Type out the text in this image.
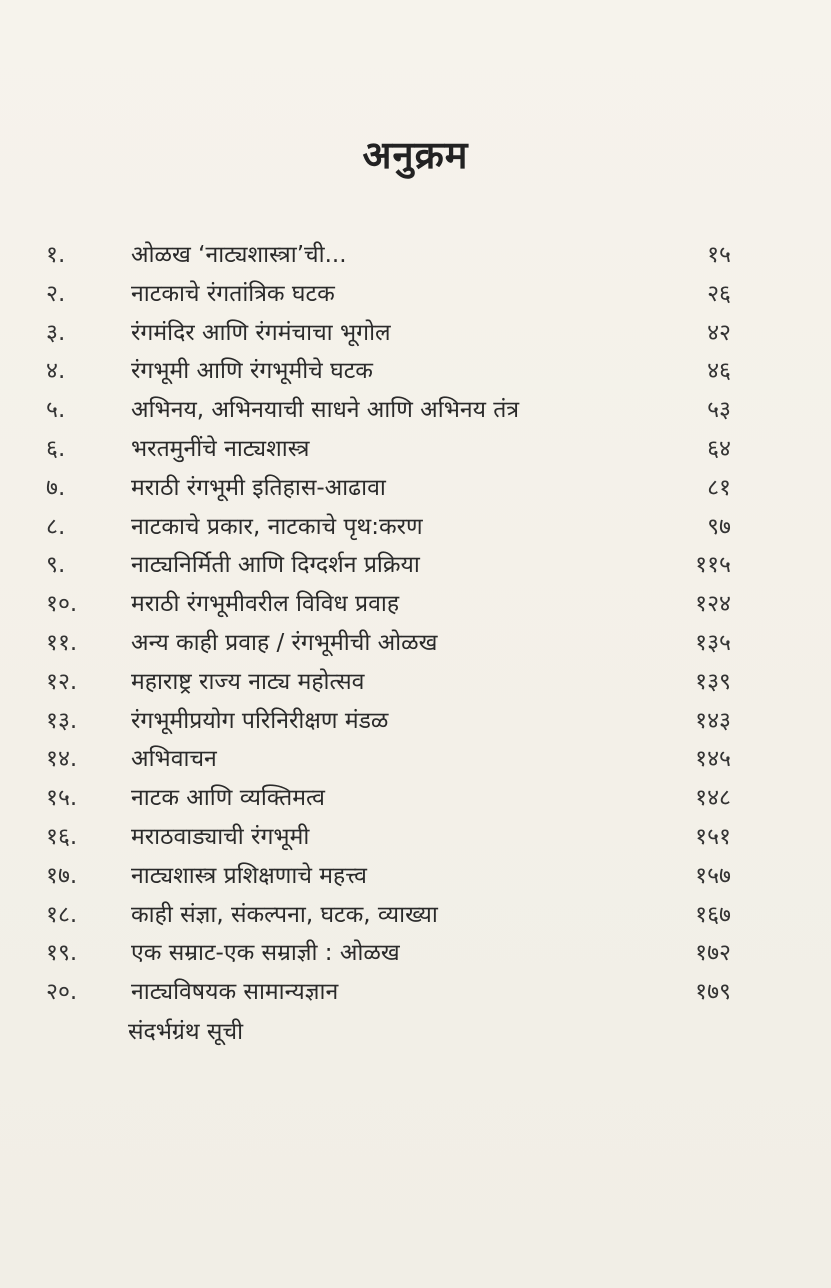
अनुक्रम
१.	ओळख ‘नाट्यशास्त्रा’ची...	१५
२.	नाटकाचे रंगतांत्रिक घटक	२६
३.	रंगमंदिर आणि रंगमंचाचा भूगोल	४२
४.	रंगभूमी आणि रंगभूमीचे घटक	४६
५.	अभिनय, अभिनयाची साधने आणि अभिनय तंत्र	५३
६.	भरतमुनींचे नाट्यशास्त्र	६४
७.	मराठी रंगभूमी इतिहास-आढावा	८१
८.	नाटकाचे प्रकार, नाटकाचे पृथ:करण	९७
९.	नाट्यनिर्मिती आणि दिग्दर्शन प्रक्रिया	११५
१०.	मराठी रंगभूमीवरील विविध प्रवाह	१२४
११.	अन्य काही प्रवाह / रंगभूमीची ओळख	१३५
१२.	महाराष्ट्र राज्य नाट्य महोत्सव	१३९
१३.	रंगभूमीप्रयोग परिनिरीक्षण मंडळ	१४३
१४.	अभिवाचन	१४५
१५.	नाटक आणि व्यक्तिमत्व	१४८
१६.	मराठवाड्याची रंगभूमी	१५१
१७.	नाट्यशास्त्र प्रशिक्षणाचे महत्त्व	१५७
१८.	काही संज्ञा, संकल्पना, घटक, व्याख्या	१६७
१९.	एक सम्राट-एक सम्राज्ञी : ओळख	१७२
२०.	नाट्यविषयक सामान्यज्ञान	१७९
संदर्भग्रंथ सूची
